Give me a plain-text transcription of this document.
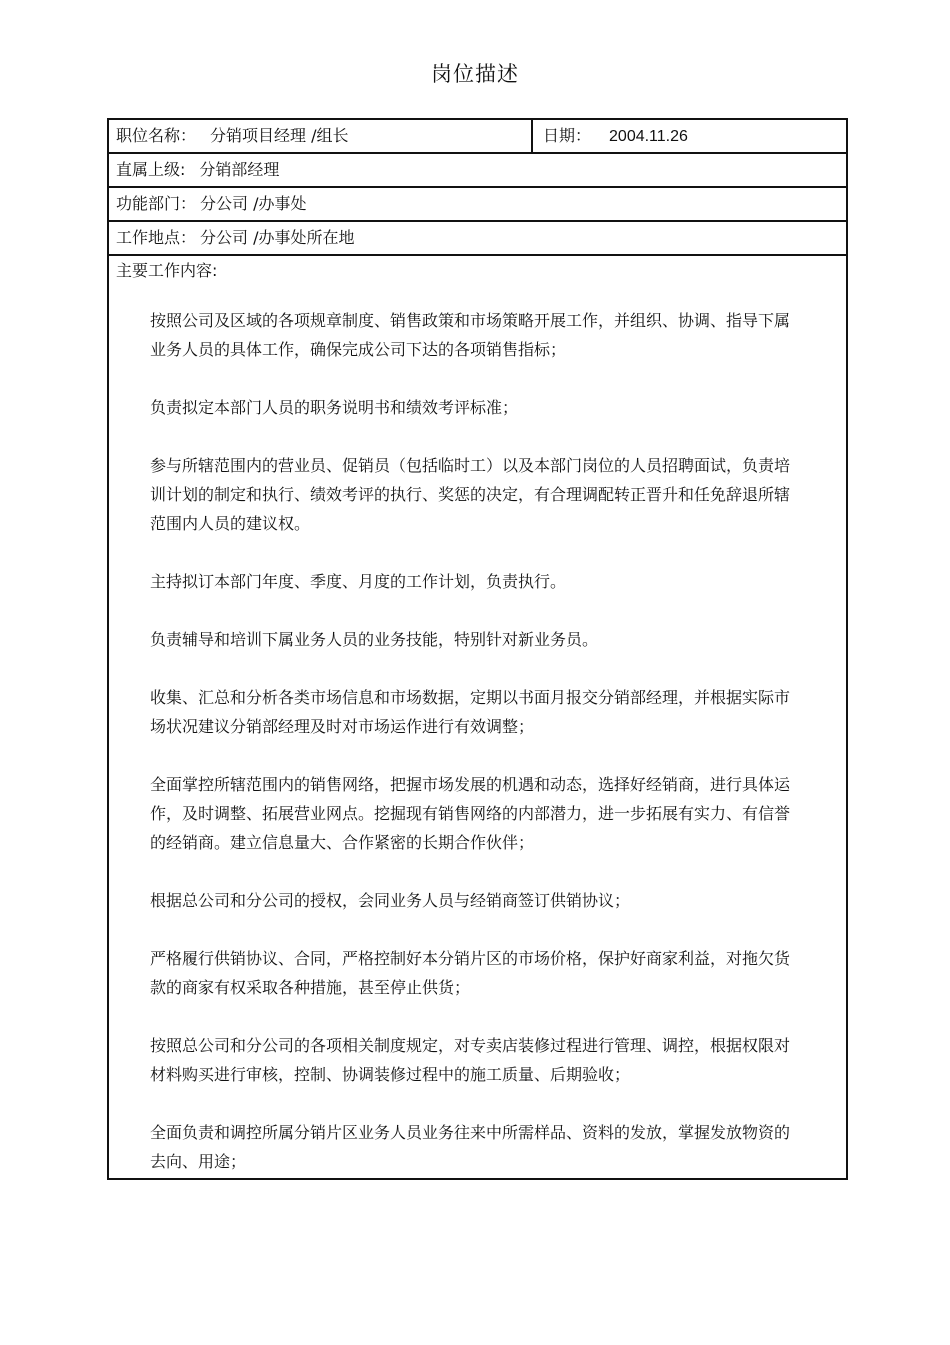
岗位描述
职位名称： 分销项目经理 /组长	日期： 2004.11.26
直属上级: 分销部经理
功能部门： 分公司 /办事处
工作地点： 分公司 /办事处所在地
主要工作内容:
按照公司及区域的各项规章制度、销售政策和市场策略开展工作，并组织、协调、指导下属业务人员的具体工作，确保完成公司下达的各项销售指标；
负责拟定本部门人员的职务说明书和绩效考评标准；
参与所辖范围内的营业员、促销员（包括临时工）以及本部门岗位的人员招聘面试，负责培训计划的制定和执行、绩效考评的执行、奖惩的决定，有合理调配转正晋升和任免辞退所辖范围内人员的建议权。
主持拟订本部门年度、季度、月度的工作计划，负责执行。
负责辅导和培训下属业务人员的业务技能，特别针对新业务员。
收集、汇总和分析各类市场信息和市场数据，定期以书面月报交分销部经理，并根据实际市场状况建议分销部经理及时对市场运作进行有效调整；
全面掌控所辖范围内的销售网络，把握市场发展的机遇和动态，选择好经销商，进行具体运作，及时调整、拓展营业网点。挖掘现有销售网络的内部潜力，进一步拓展有实力、有信誉的经销商。建立信息量大、合作紧密的长期合作伙伴；
根据总公司和分公司的授权，会同业务人员与经销商签订供销协议；
严格履行供销协议、合同，严格控制好本分销片区的市场价格，保护好商家利益，对拖欠货款的商家有权采取各种措施，甚至停止供货；
按照总公司和分公司的各项相关制度规定，对专卖店装修过程进行管理、调控，根据权限对材料购买进行审核，控制、协调装修过程中的施工质量、后期验收；
全面负责和调控所属分销片区业务人员业务往来中所需样品、资料的发放，掌握发放物资的去向、用途；
